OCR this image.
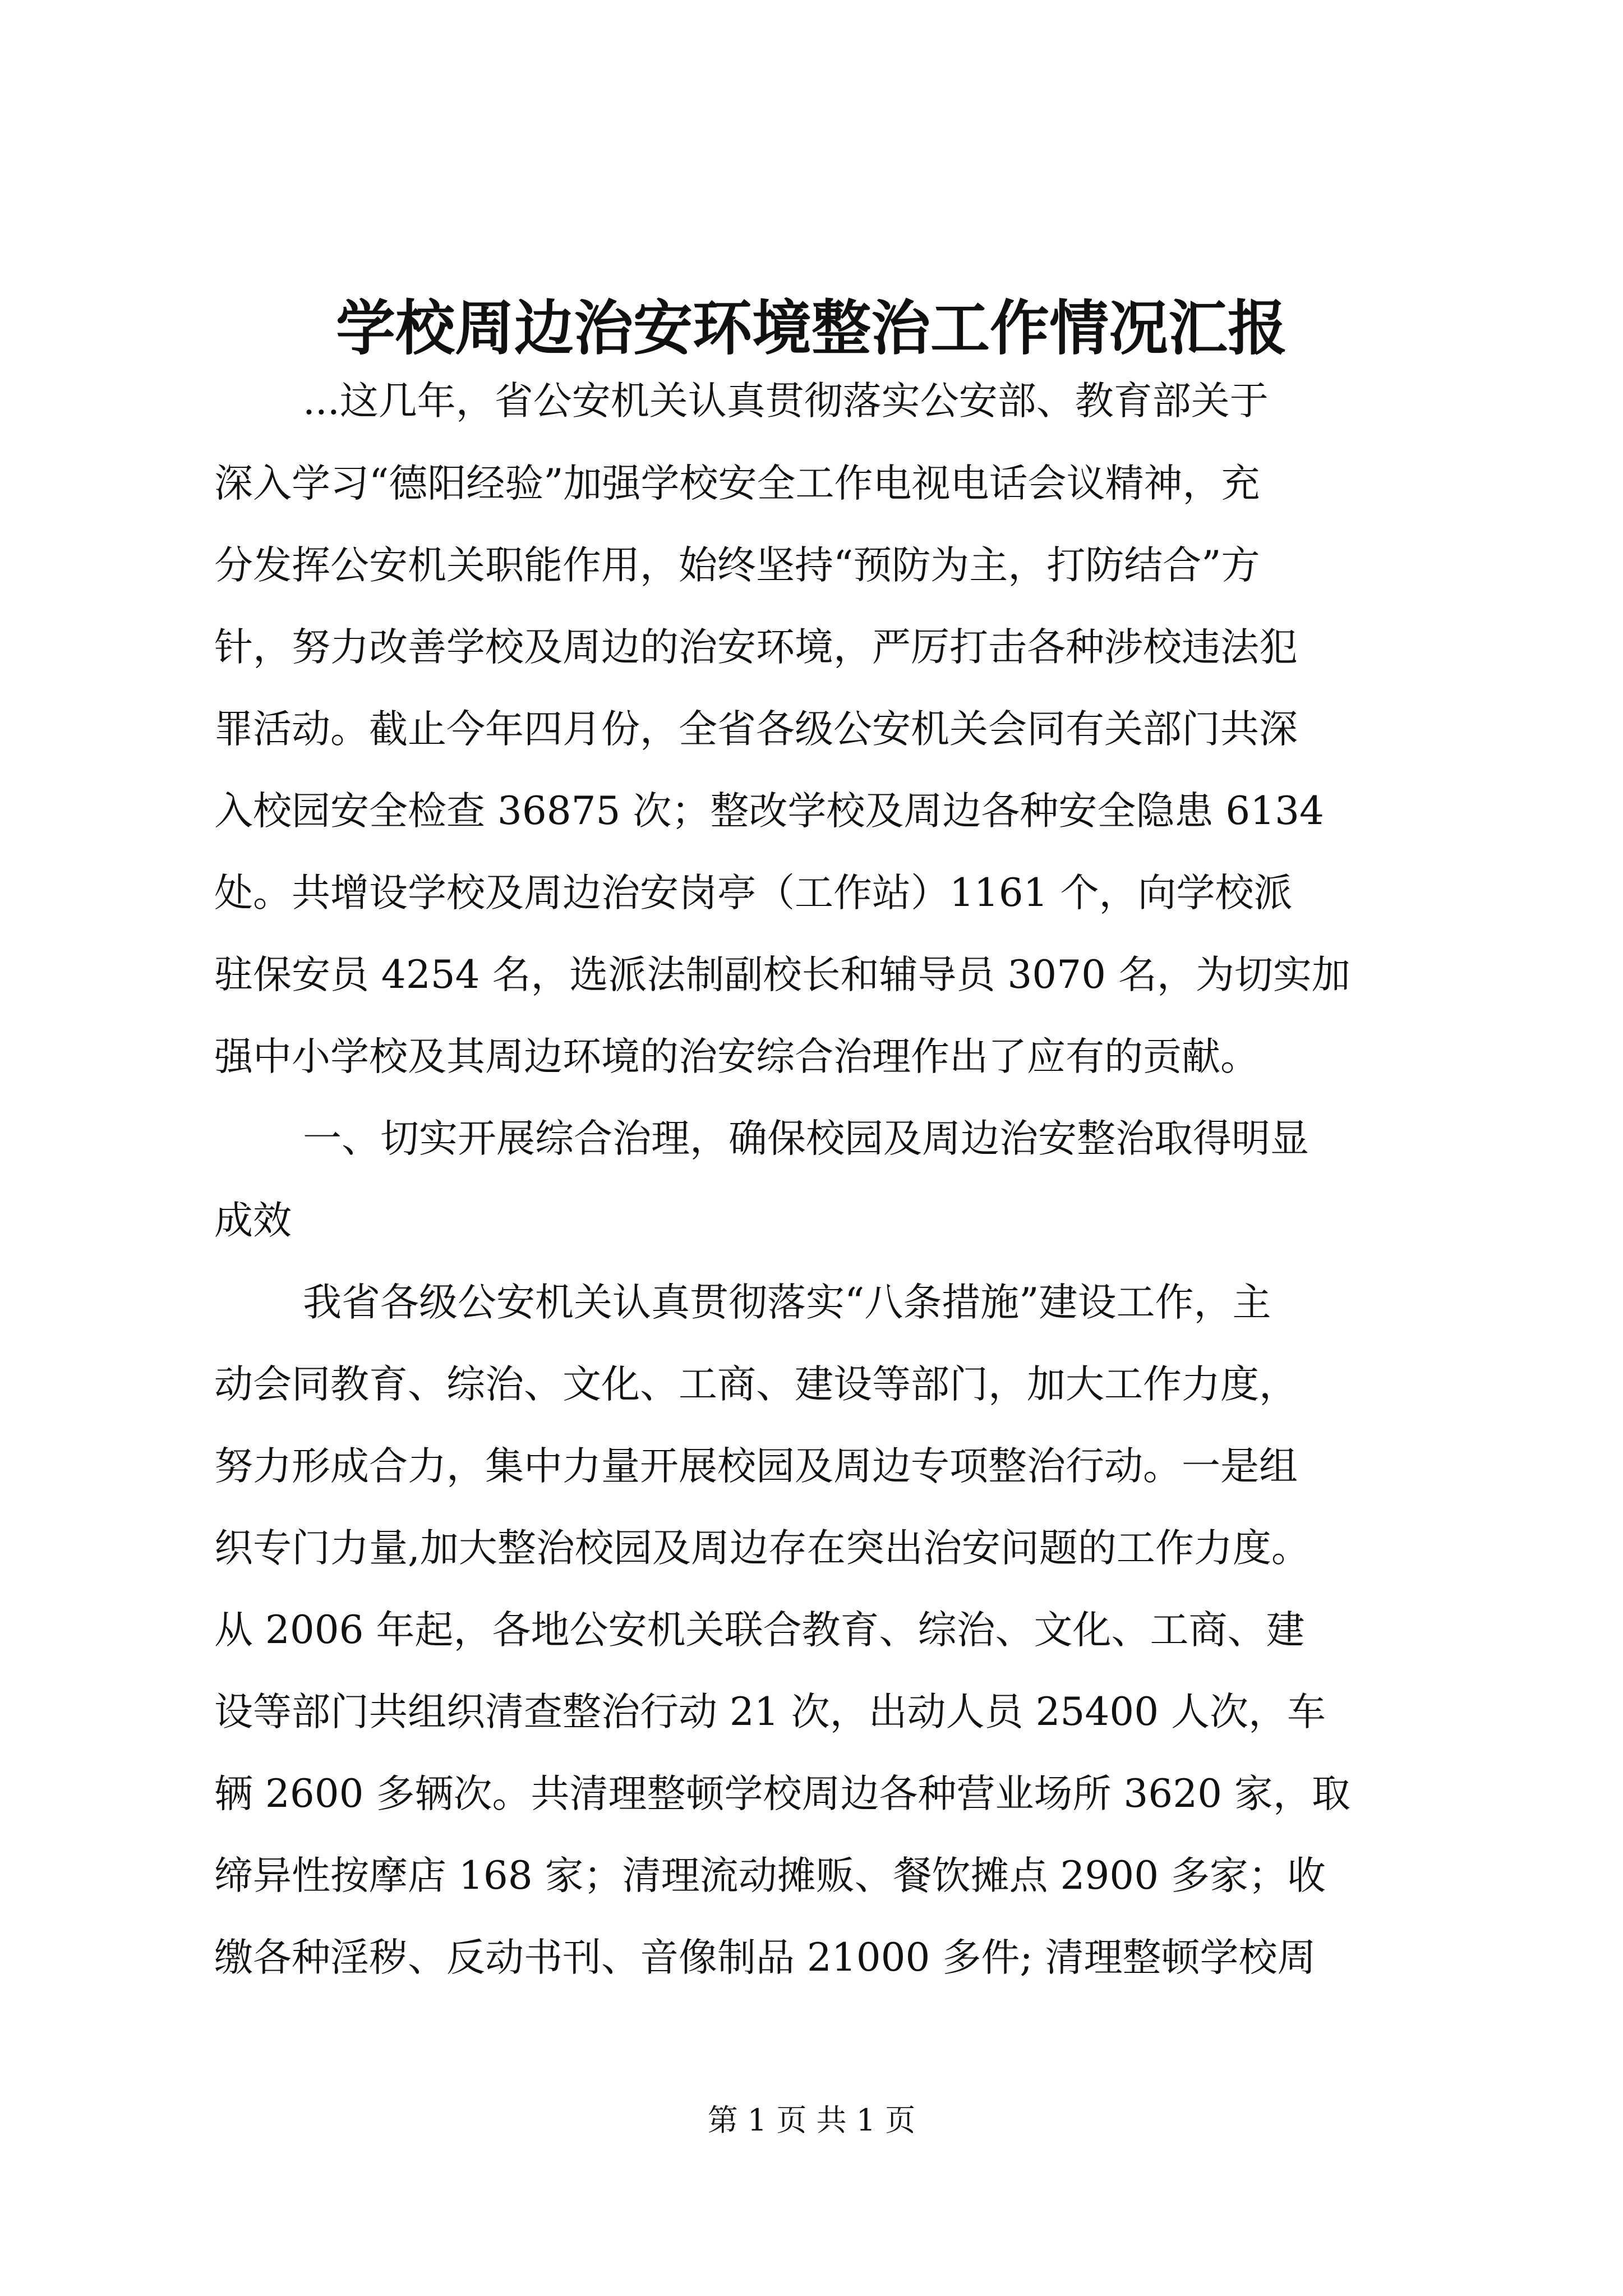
学校周边治安环境整治工作情况汇报
...这几年，省公安机关认真贯彻落实公安部、教育部关于
深入学习“德阳经验”加强学校安全工作电视电话会议精神，充
分发挥公安机关职能作用，始终坚持“预防为主，打防结合”方
针，努力改善学校及周边的治安环境，严厉打击各种涉校违法犯
罪活动。截止今年四月份，全省各级公安机关会同有关部门共深
入校园安全检查 36875 次；整改学校及周边各种安全隐患 6134
处。共增设学校及周边治安岗亭（工作站）1161 个，向学校派
驻保安员 4254 名，选派法制副校长和辅导员 3070 名，为切实加
强中小学校及其周边环境的治安综合治理作出了应有的贡献。
一、切实开展综合治理，确保校园及周边治安整治取得明显
成效
我省各级公安机关认真贯彻落实“八条措施”建设工作，主
动会同教育、综治、文化、工商、建设等部门，加大工作力度，
努力形成合力，集中力量开展校园及周边专项整治行动。一是组
织专门力量,加大整治校园及周边存在突出治安问题的工作力度。
从 2006 年起，各地公安机关联合教育、综治、文化、工商、建
设等部门共组织清查整治行动 21 次，出动人员 25400 人次，车
辆 2600 多辆次。共清理整顿学校周边各种营业场所 3620 家，取
缔异性按摩店 168 家；清理流动摊贩、餐饮摊点 2900 多家；收
缴各种淫秽、反动书刊、音像制品 21000 多件; 清理整顿学校周
第 1 页 共 1 页
